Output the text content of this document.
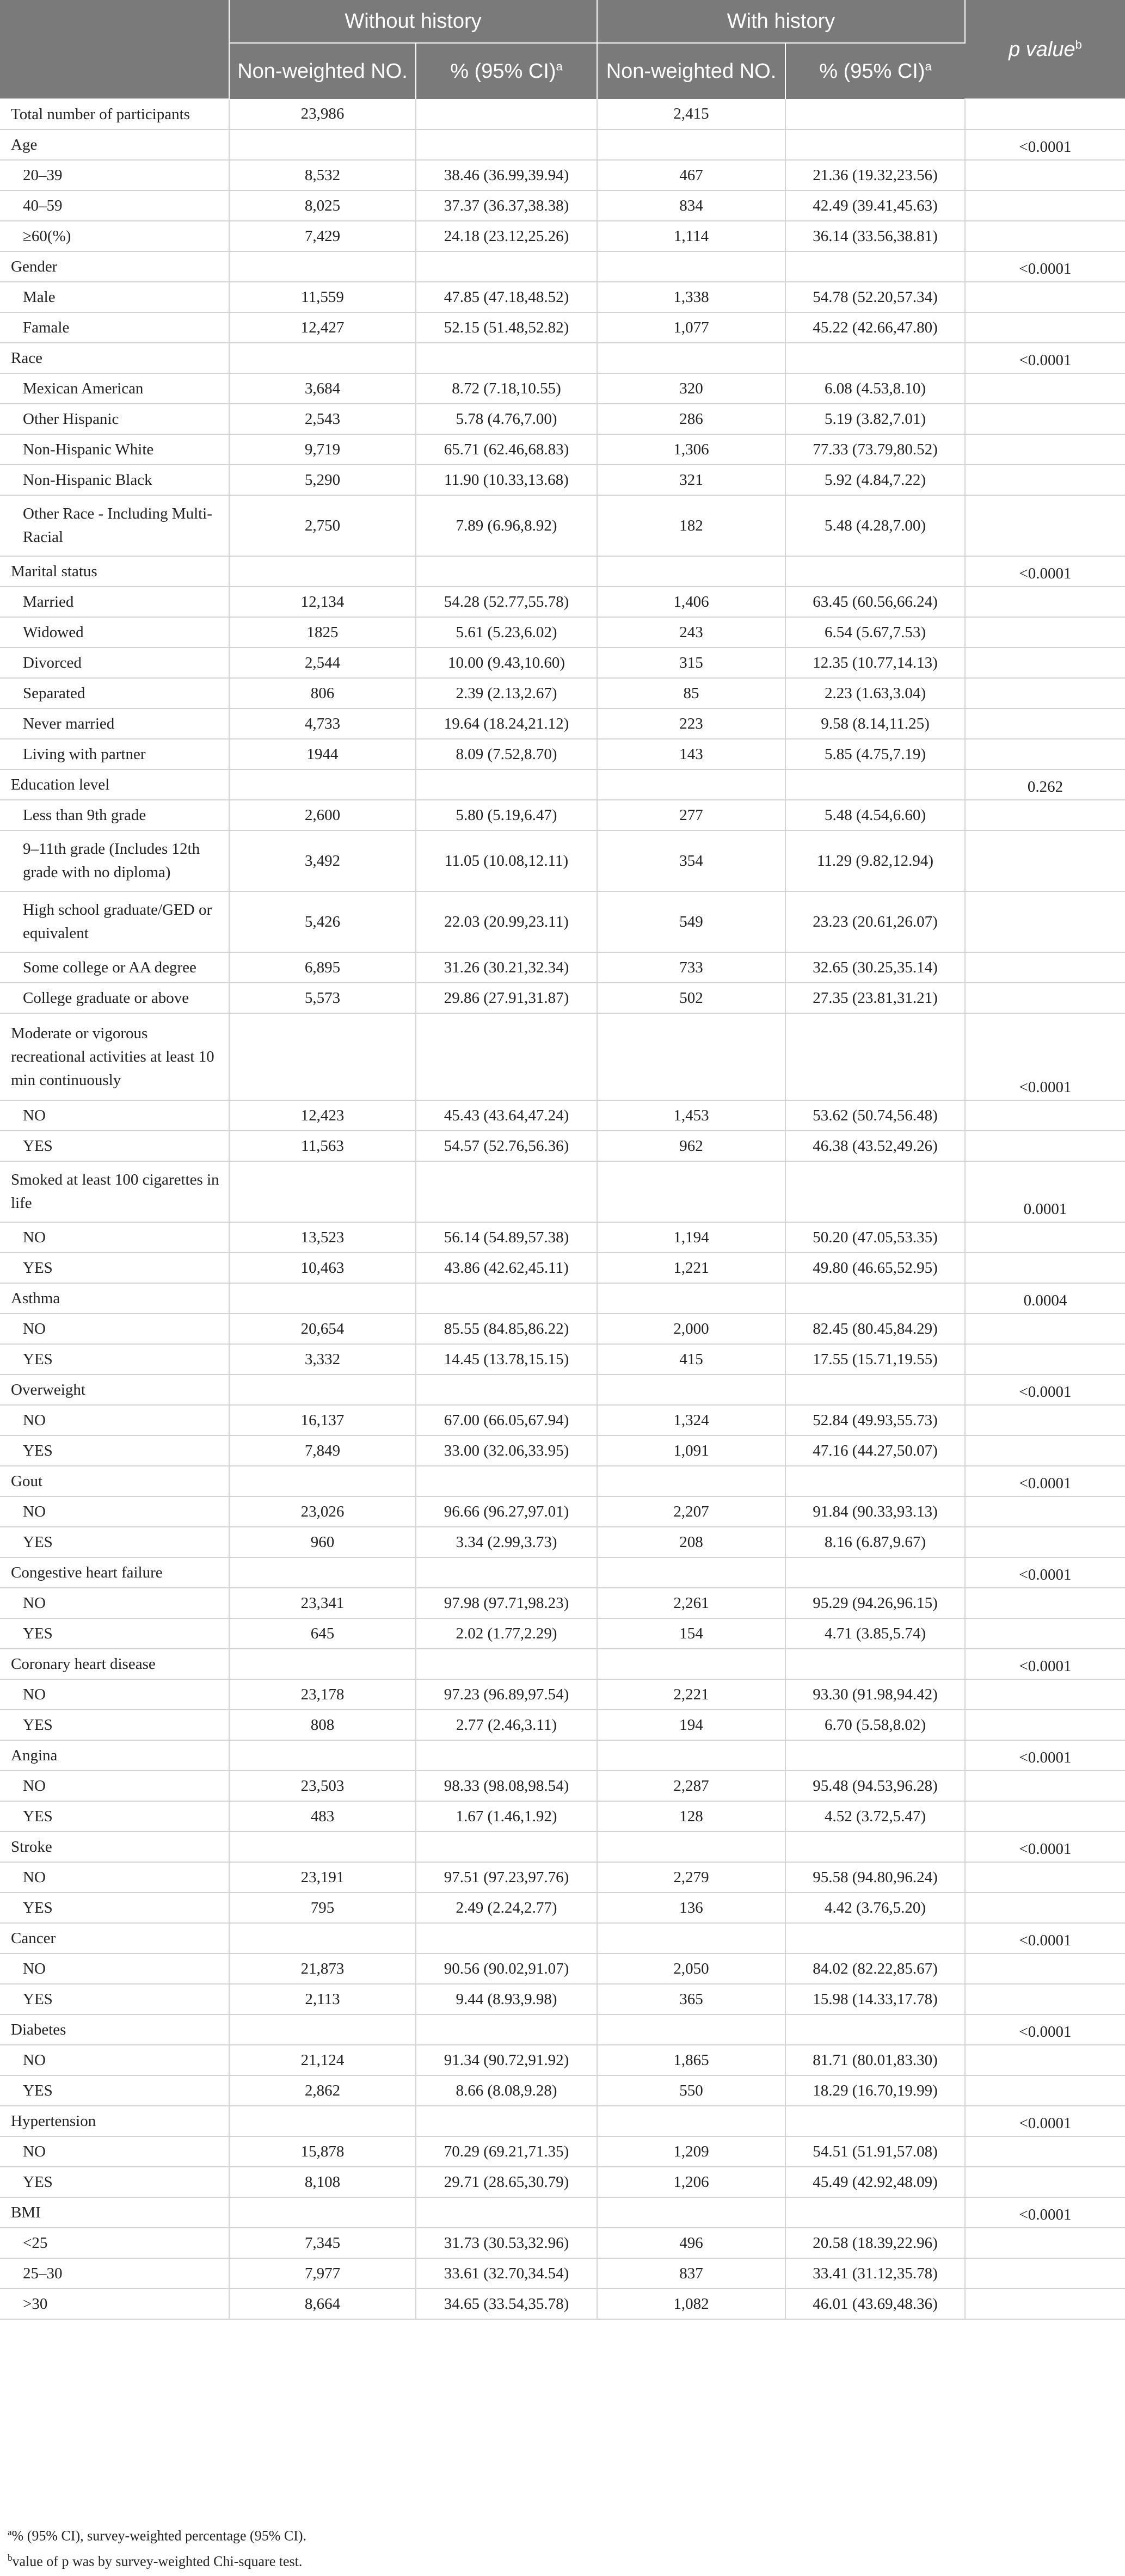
	Without history		With history		p value$^b$
	Non-weighted NO.	% (95% CI)$^a$	Non-weighted NO.	% (95% CI)$^a$
Total number of participants	23,986		2,415		
Age					<0.0001
20–39	8,532	38.46 (36.99,39.94)	467	21.36 (19.32,23.56)	
40–59	8,025	37.37 (36.37,38.38)	834	42.49 (39.41,45.63)	
≥60(%)	7,429	24.18 (23.12,25.26)	1,114	36.14 (33.56,38.81)	
Gender					<0.0001
Male	11,559	47.85 (47.18,48.52)	1,338	54.78 (52.20,57.34)	
Famale	12,427	52.15 (51.48,52.82)	1,077	45.22 (42.66,47.80)	
Race					<0.0001
Mexican American	3,684	8.72 (7.18,10.55)	320	6.08 (4.53,8.10)	
Other Hispanic	2,543	5.78 (4.76,7.00)	286	5.19 (3.82,7.01)	
Non-Hispanic White	9,719	65.71 (62.46,68.83)	1,306	77.33 (73.79,80.52)	
Non-Hispanic Black	5,290	11.90 (10.33,13.68)	321	5.92 (4.84,7.22)	
Other Race - Including Multi-Racial	2,750	7.89 (6.96,8.92)	182	5.48 (4.28,7.00)	
Marital status					<0.0001
Married	12,134	54.28 (52.77,55.78)	1,406	63.45 (60.56,66.24)	
Widowed	1825	5.61 (5.23,6.02)	243	6.54 (5.67,7.53)	
Divorced	2,544	10.00 (9.43,10.60)	315	12.35 (10.77,14.13)	
Separated	806	2.39 (2.13,2.67)	85	2.23 (1.63,3.04)	
Never married	4,733	19.64 (18.24,21.12)	223	9.58 (8.14,11.25)	
Living with partner	1944	8.09 (7.52,8.70)	143	5.85 (4.75,7.19)	
Education level					0.262
Less than 9th grade	2,600	5.80 (5.19,6.47)	277	5.48 (4.54,6.60)	
9–11th grade (Includes 12th grade with no diploma)	3,492	11.05 (10.08,12.11)	354	11.29 (9.82,12.94)	
High school graduate/GED or equivalent	5,426	22.03 (20.99,23.11)	549	23.23 (20.61,26.07)	
Some college or AA degree	6,895	31.26 (30.21,32.34)	733	32.65 (30.25,35.14)	
College graduate or above	5,573	29.86 (27.91,31.87)	502	27.35 (23.81,31.21)	
Moderate or vigorous recreational activities at least 10 min continuously					<0.0001
NO	12,423	45.43 (43.64,47.24)	1,453	53.62 (50.74,56.48)	
YES	11,563	54.57 (52.76,56.36)	962	46.38 (43.52,49.26)	
Smoked at least 100 cigarettes in life					0.0001
NO	13,523	56.14 (54.89,57.38)	1,194	50.20 (47.05,53.35)	
YES	10,463	43.86 (42.62,45.11)	1,221	49.80 (46.65,52.95)	
Asthma					0.0004
NO	20,654	85.55 (84.85,86.22)	2,000	82.45 (80.45,84.29)	
YES	3,332	14.45 (13.78,15.15)	415	17.55 (15.71,19.55)	
Overweight					<0.0001
NO	16,137	67.00 (66.05,67.94)	1,324	52.84 (49.93,55.73)	
YES	7,849	33.00 (32.06,33.95)	1,091	47.16 (44.27,50.07)	
Gout					<0.0001
NO	23,026	96.66 (96.27,97.01)	2,207	91.84 (90.33,93.13)	
YES	960	3.34 (2.99,3.73)	208	8.16 (6.87,9.67)	
Congestive heart failure					<0.0001
NO	23,341	97.98 (97.71,98.23)	2,261	95.29 (94.26,96.15)	
YES	645	2.02 (1.77,2.29)	154	4.71 (3.85,5.74)	
Coronary heart disease					<0.0001
NO	23,178	97.23 (96.89,97.54)	2,221	93.30 (91.98,94.42)	
YES	808	2.77 (2.46,3.11)	194	6.70 (5.58,8.02)	
Angina					<0.0001
NO	23,503	98.33 (98.08,98.54)	2,287	95.48 (94.53,96.28)	
YES	483	1.67 (1.46,1.92)	128	4.52 (3.72,5.47)	
Stroke					<0.0001
NO	23,191	97.51 (97.23,97.76)	2,279	95.58 (94.80,96.24)	
YES	795	2.49 (2.24,2.77)	136	4.42 (3.76,5.20)	
Cancer					<0.0001
NO	21,873	90.56 (90.02,91.07)	2,050	84.02 (82.22,85.67)	
YES	2,113	9.44 (8.93,9.98)	365	15.98 (14.33,17.78)	
Diabetes					<0.0001
NO	21,124	91.34 (90.72,91.92)	1,865	81.71 (80.01,83.30)	
YES	2,862	8.66 (8.08,9.28)	550	18.29 (16.70,19.99)	
Hypertension					<0.0001
NO	15,878	70.29 (69.21,71.35)	1,209	54.51 (51.91,57.08)	
YES	8,108	29.71 (28.65,30.79)	1,206	45.49 (42.92,48.09)	
BMI					<0.0001
<25	7,345	31.73 (30.53,32.96)	496	20.58 (18.39,22.96)	
25–30	7,977	33.61 (32.70,34.54)	837	33.41 (31.12,35.78)	
>30	8,664	34.65 (33.54,35.78)	1,082	46.01 (43.69,48.36)	
$^a$% (95% CI), survey-weighted percentage (95% CI).
$^b$value of p was by survey-weighted Chi-square test.
